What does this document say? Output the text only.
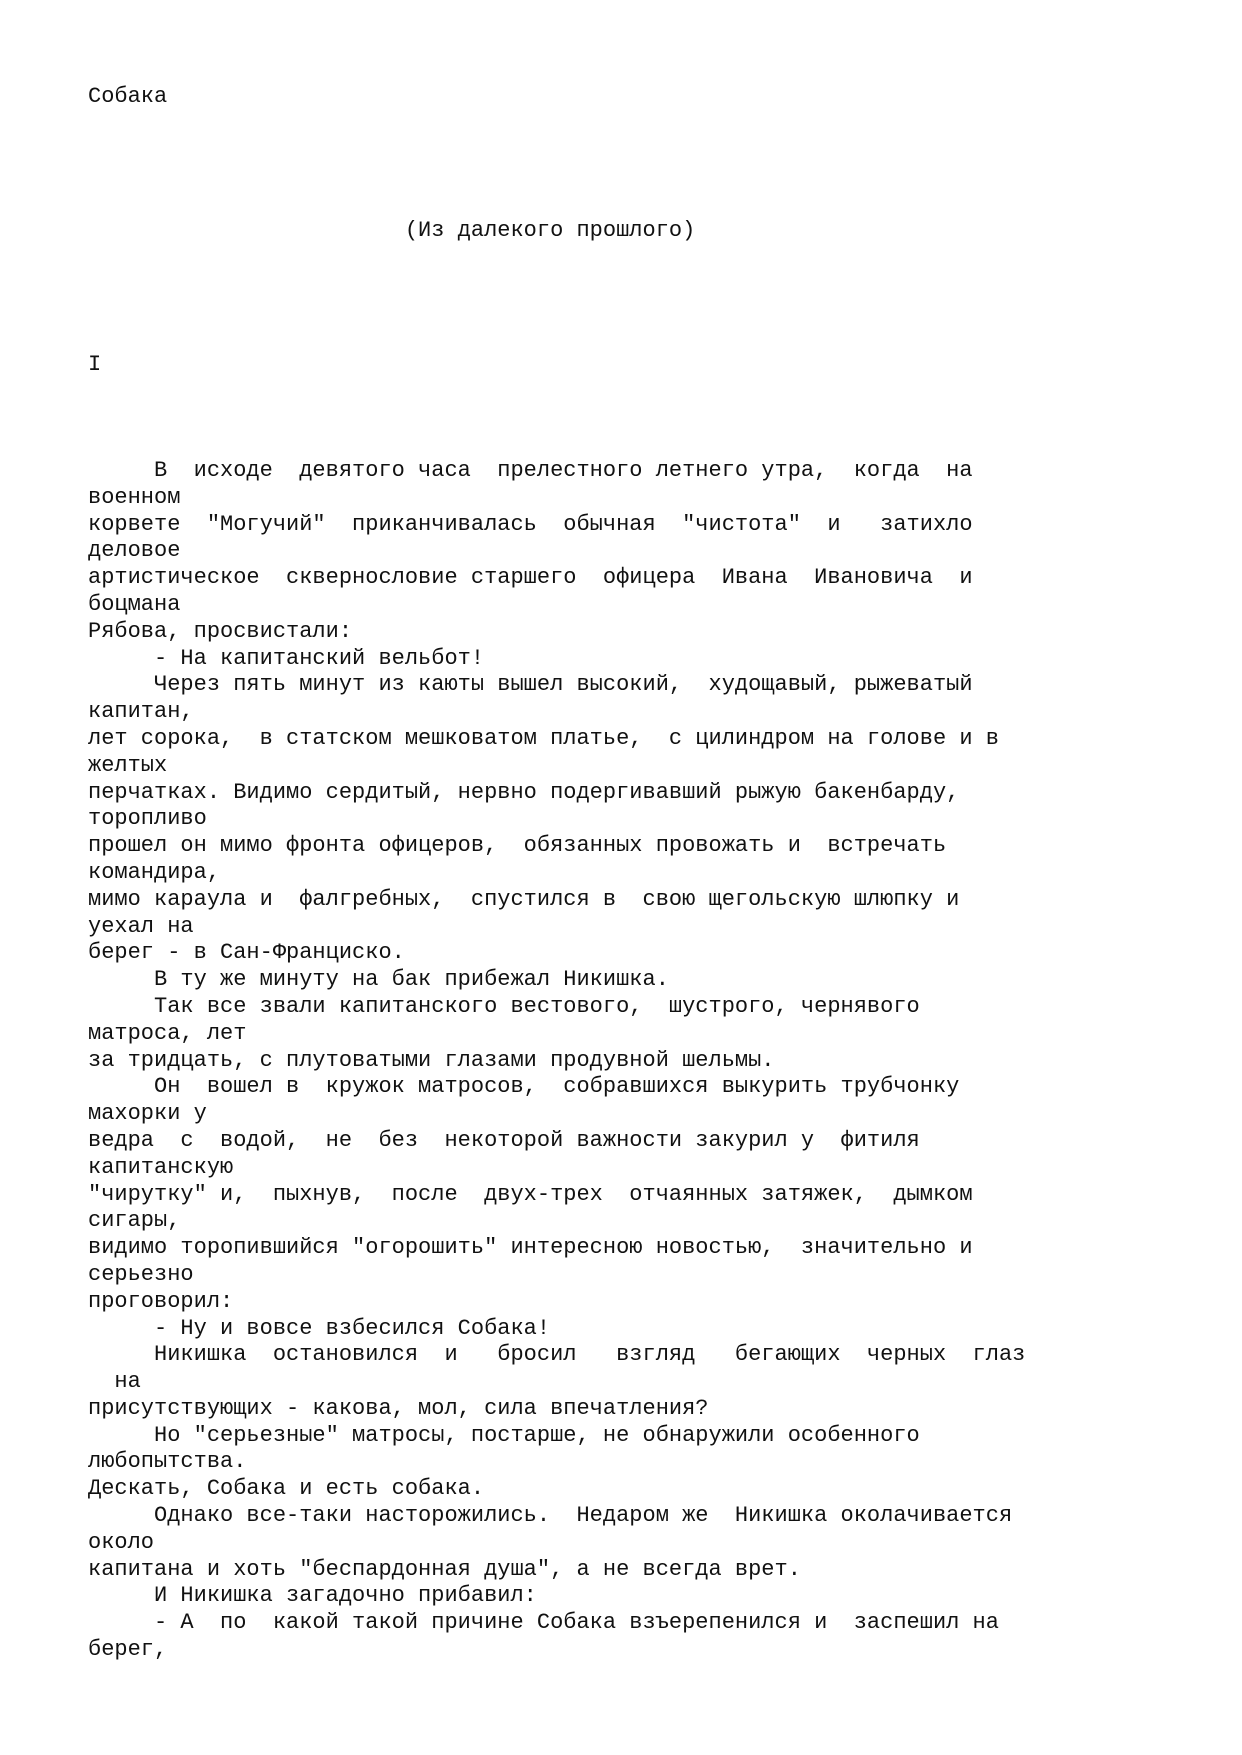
Собака

(Из далекого прошлого)

I

В  исходе  девятого часа  прелестного летнего утра,  когда  на
военном
корвете  "Могучий"  приканчивалась  обычная  "чистота"  и   затихло
деловое
артистическое  сквернословие старшего  офицера  Ивана  Ивановича  и
боцмана
Рябова, просвистали:
- На капитанский вельбот!
Через пять минут из каюты вышел высокий,  худощавый, рыжеватый
капитан,
лет сорока,  в статском мешковатом платье,  с цилиндром на голове и в
желтых
перчатках. Видимо сердитый, нервно подергивавший рыжую бакенбарду,
торопливо
прошел он мимо фронта офицеров,  обязанных провожать и  встречать
командира,
мимо караула и  фалгребных,  спустился в  свою щегольскую шлюпку и
уехал на
берег - в Сан-Франциско.
В ту же минуту на бак прибежал Никишка.
Так все звали капитанского вестового,  шустрого, чернявого
матроса, лет
за тридцать, с плутоватыми глазами продувной шельмы.
Он  вошел в  кружок матросов,  собравшихся выкурить трубчонку
махорки у
ведра  с  водой,  не  без  некоторой важности закурил у  фитиля
капитанскую
"чирутку" и,  пыхнув,  после  двух-трех  отчаянных затяжек,  дымком
сигары,
видимо торопившийся "огорошить" интересною новостью,  значительно и
серьезно
проговорил:
- Ну и вовсе взбесился Собака!
Никишка  остановился  и   бросил   взгляд   бегающих  черных  глаз
на
присутствующих - какова, мол, сила впечатления?
Но "серьезные" матросы, постарше, не обнаружили особенного
любопытства.
Дескать, Собака и есть собака.
Однако все-таки насторожились.  Недаром же  Никишка околачивается
около
капитана и хоть "беспардонная душа", а не всегда врет.
И Никишка загадочно прибавил:
- А  по  какой такой причине Собака взъерепенился и  заспешил на
берег,
